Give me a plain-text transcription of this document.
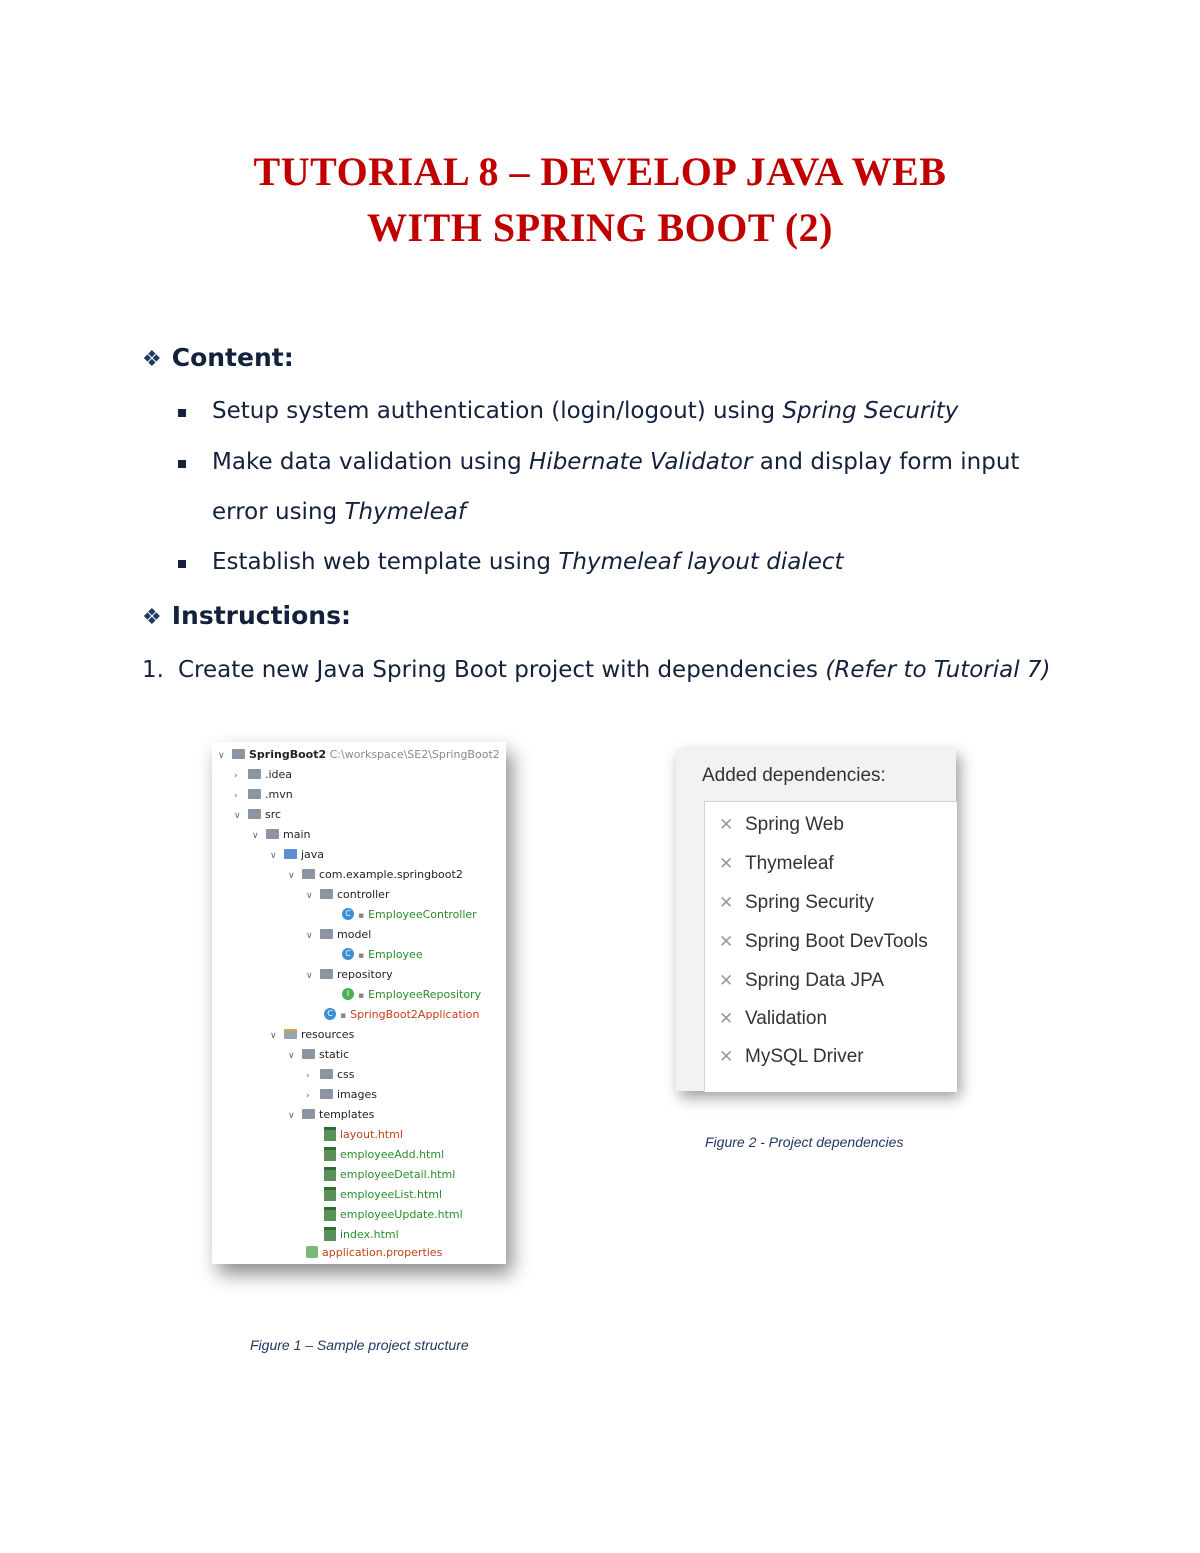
TUTORIAL 8 – DEVELOP JAVA WEB
WITH SPRING BOOT (2)
❖ Content:
Setup system authentication (login/logout) using Spring Security
Make data validation using Hibernate Validator and display form input
error using Thymeleaf
Establish web template using Thymeleaf layout dialect
❖ Instructions:
1. Create new Java Spring Boot project with dependencies (Refer to Tutorial 7)
∨ SpringBoot2 C:\workspace\SE2\SpringBoot2
› .idea
› .mvn
∨ src
∨ main
∨ java
∨ com.example.springboot2
∨ controller
C ▪ EmployeeController
∨ model
C ▪ Employee
∨ repository
I ▪ EmployeeRepository
C ▪ SpringBoot2Application
∨ resources
∨ static
› css
› images
∨ templates
layout.html
employeeAdd.html
employeeDetail.html
employeeList.html
employeeUpdate.html
index.html
application.properties
Added dependencies:
✕ Spring Web
✕ Thymeleaf
✕ Spring Security
✕ Spring Boot DevTools
✕ Spring Data JPA
✕ Validation
✕ MySQL Driver
Figure 1 – Sample project structure
Figure 2 - Project dependencies
